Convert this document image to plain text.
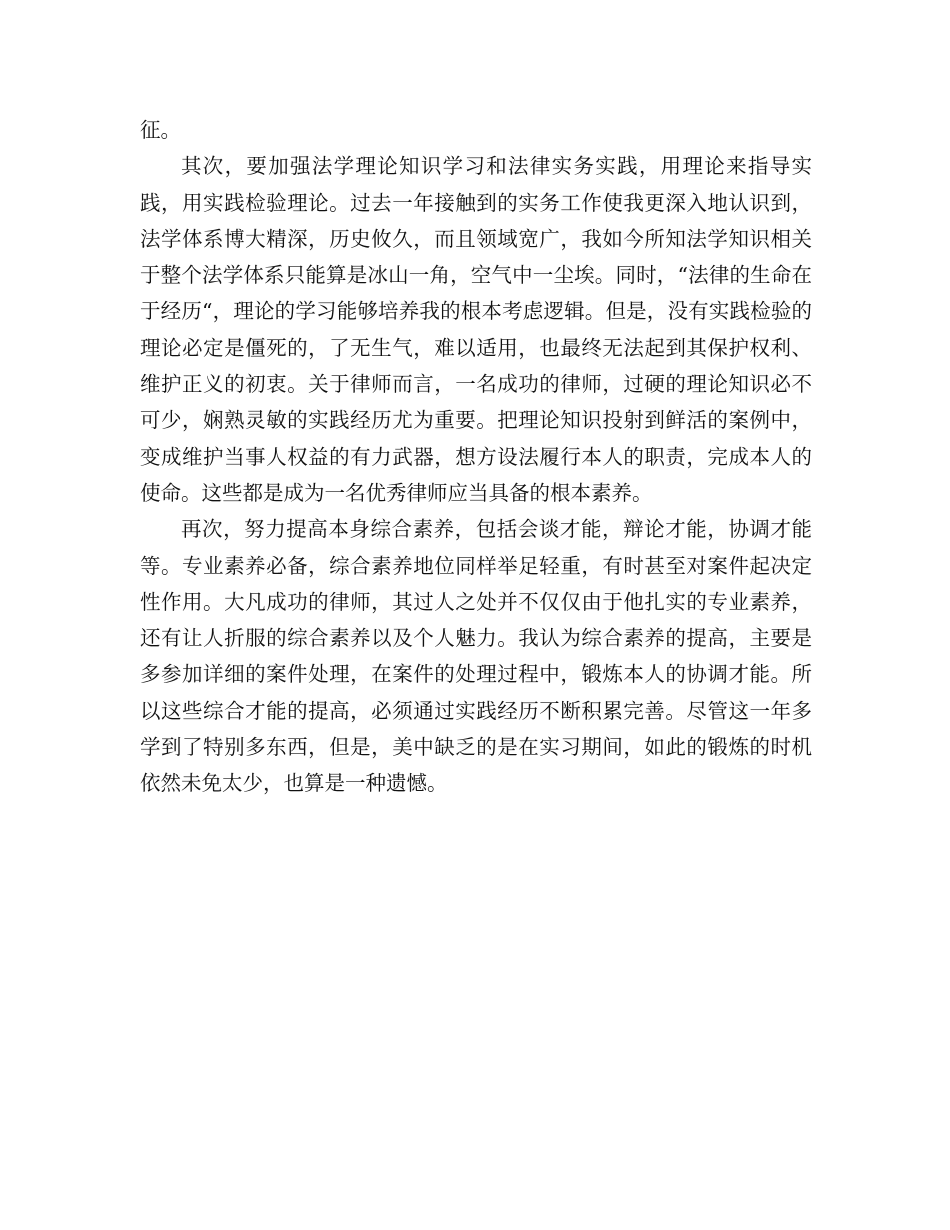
征。

其次，要加强法学理论知识学习和法律实务实践，用理论来指导实践，用实践检验理论。过去一年接触到的实务工作使我更深入地认识到，法学体系博大精深，历史攸久，而且领域宽广，我如今所知法学知识相关于整个法学体系只能算是冰山一角，空气中一尘埃。同时，“法律的生命在于经历“，理论的学习能够培养我的根本考虑逻辑。但是，没有实践检验的理论必定是僵死的，了无生气，难以适用，也最终无法起到其保护权利、维护正义的初衷。关于律师而言，一名成功的律师，过硬的理论知识必不可少，娴熟灵敏的实践经历尤为重要。把理论知识投射到鲜活的案例中，变成维护当事人权益的有力武器，想方设法履行本人的职责，完成本人的使命。这些都是成为一名优秀律师应当具备的根本素养。

再次，努力提高本身综合素养，包括会谈才能，辩论才能，协调才能等。专业素养必备，综合素养地位同样举足轻重，有时甚至对案件起决定性作用。大凡成功的律师，其过人之处并不仅仅由于他扎实的专业素养，还有让人折服的综合素养以及个人魅力。我认为综合素养的提高，主要是多参加详细的案件处理，在案件的处理过程中，锻炼本人的协调才能。所以这些综合才能的提高，必须通过实践经历不断积累完善。尽管这一年多学到了特别多东西，但是，美中缺乏的是在实习期间，如此的锻炼的时机依然未免太少，也算是一种遗憾。
